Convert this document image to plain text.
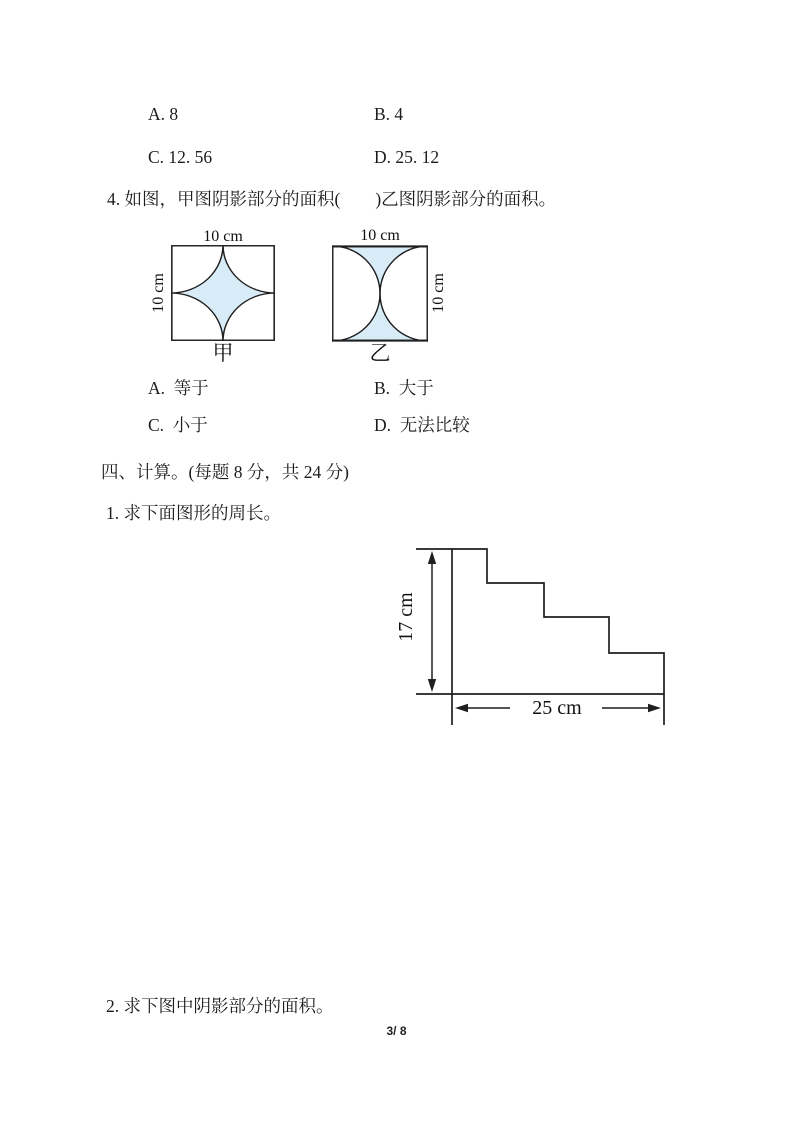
A. 8	B. 4
C. 12. 56	D. 25. 12
4. 如图，甲图阴影部分的面积(　　)乙图阴影部分的面积。
10 cm
10 cm
甲
10 cm
10 cm
乙
A.  等于	B.  大于
C.  小于	D.  无法比较
四、计算。(每题 8 分，共 24 分)
1. 求下面图形的周长。
17 cm
25 cm
2. 求下图中阴影部分的面积。
3/ 8
